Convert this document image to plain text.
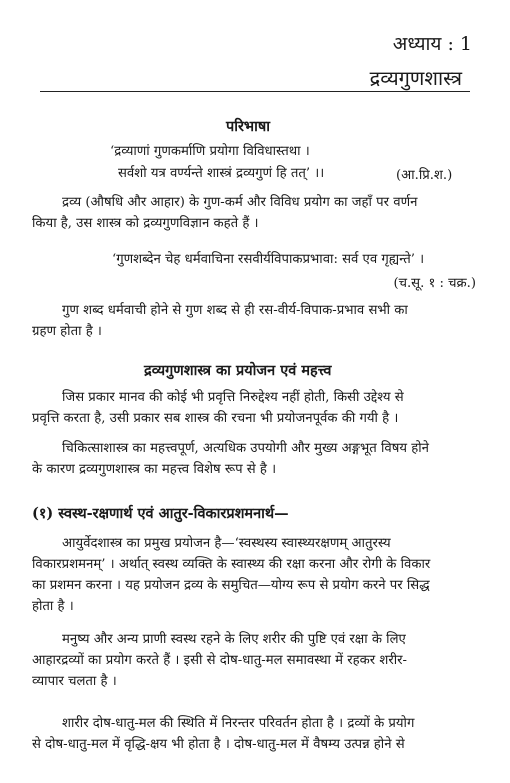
अध्याय : 1
द्रव्यगुणशास्त्र
परिभाषा
‘द्रव्याणां गुणकर्माणि प्रयोगा विविधास्तथा ।
सर्वशो यत्र वर्ण्यन्ते शास्त्रं द्रव्यगुणं हि तत्’ ।।	(आ.प्रि.श.)
द्रव्य (औषधि और आहार) के गुण-कर्म और विविध प्रयोग का जहाँ पर वर्णन
किया है, उस शास्त्र को द्रव्यगुणविज्ञान कहते हैं ।
‘गुणशब्देन चेह धर्मवाचिना रसवीर्यविपाकप्रभावा: सर्व एव गृह्यन्ते’ ।
(च.सू. १ : चक्र.)
गुण शब्द धर्मवाची होने से गुण शब्द से ही रस-वीर्य-विपाक-प्रभाव सभी का
ग्रहण होता है ।
द्रव्यगुणशास्त्र का प्रयोजन एवं महत्त्व
जिस प्रकार मानव की कोई भी प्रवृत्ति निरुद्देश्य नहीं होती, किसी उद्देश्य से
प्रवृत्ति करता है, उसी प्रकार सब शास्त्र की रचना भी प्रयोजनपूर्वक की गयी है ।
चिकित्साशास्त्र का महत्त्वपूर्ण, अत्यधिक उपयोगी और मुख्य अङ्गभूत विषय होने
के कारण द्रव्यगुणशास्त्र का महत्त्व विशेष रूप से है ।
(१) स्वस्थ-रक्षणार्थ एवं आतुर-विकारप्रशमनार्थ—
आयुर्वेदशास्त्र का प्रमुख प्रयोजन है—‘स्वस्थस्य स्वास्थ्यरक्षणम् आतुरस्य
विकारप्रशमनम्’ । अर्थात् स्वस्थ व्यक्ति के स्वास्थ्य की रक्षा करना और रोगी के विकार
का प्रशमन करना । यह प्रयोजन द्रव्य के समुचित—योग्य रूप से प्रयोग करने पर सिद्ध
होता है ।
मनुष्य और अन्य प्राणी स्वस्थ रहने के लिए शरीर की पुष्टि एवं रक्षा के लिए
आहारद्रव्यों का प्रयोग करते हैं । इसी से दोष-धातु-मल समावस्था में रहकर शरीर-
व्यापार चलता है ।
शारीर दोष-धातु-मल की स्थिति में निरन्तर परिवर्तन होता है । द्रव्यों के प्रयोग
से दोष-धातु-मल में वृद्धि-क्षय भी होता है । दोष-धातु-मल में वैषम्य उत्पन्न होने से
